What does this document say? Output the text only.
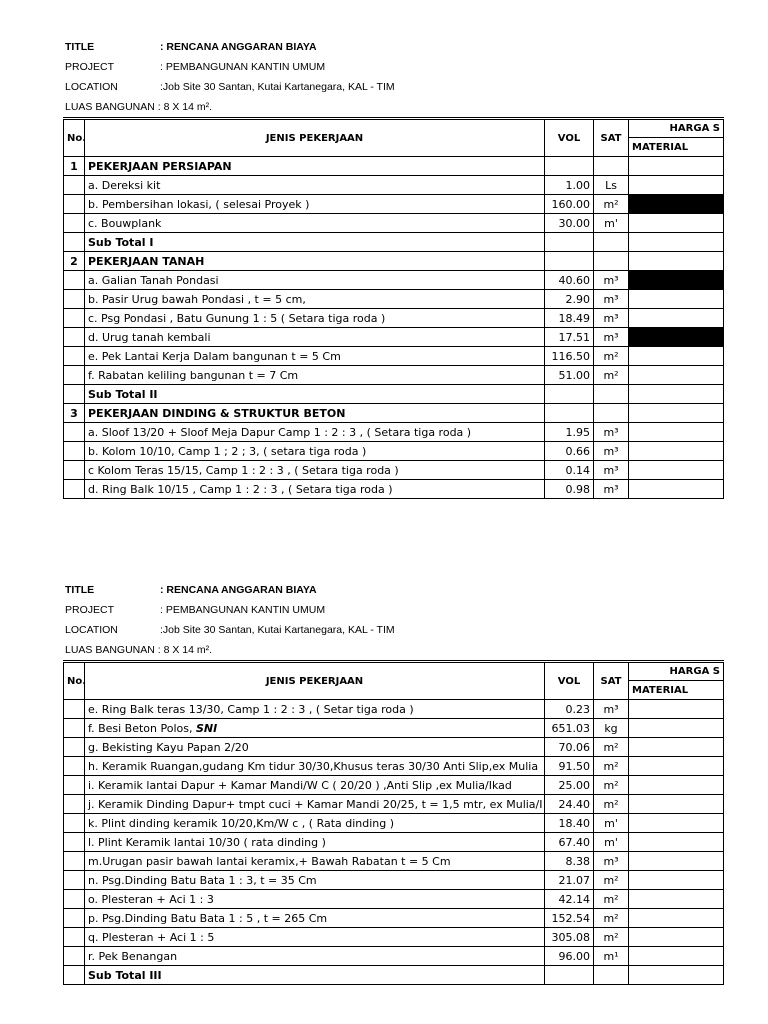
TITLE	: RENCANA ANGGARAN BIAYA
PROJECT	: PEMBANGUNAN KANTIN UMUM
LOCATION	:Job Site 30 Santan, Kutai Kartanegara, KAL - TIM
LUAS BANGUNAN : 8 X 14 m².
No.	JENIS PEKERJAAN	VOL	SAT	HARGA S
				MATERIAL
1	PEKERJAAN PERSIAPAN			
	a. Dereksi kit	1.00	Ls	
	b. Pembersihan lokasi, ( selesai Proyek )	160.00	m²	
	c. Bouwplank	30.00	m'	
	Sub Total I			
2	PEKERJAAN TANAH			
	a. Galian Tanah Pondasi	40.60	m³	
	b. Pasir Urug bawah Pondasi , t = 5 cm,	2.90	m³	
	c. Psg Pondasi , Batu Gunung 1 : 5 ( Setara tiga roda )	18.49	m³	
	d. Urug tanah kembali	17.51	m³	
	e. Pek Lantai Kerja Dalam bangunan t = 5 Cm	116.50	m²	
	f. Rabatan keliling bangunan t = 7 Cm	51.00	m²	
	Sub Total II			
3	PEKERJAAN DINDING & STRUKTUR BETON			
	a. Sloof 13/20 + Sloof Meja Dapur Camp 1 : 2 : 3 , ( Setara tiga roda )	1.95	m³	
	b. Kolom 10/10, Camp 1 ; 2 ; 3, ( setara tiga roda )	0.66	m³	
	c Kolom Teras 15/15, Camp 1 : 2 : 3 , ( Setara tiga roda )	0.14	m³	
	d. Ring Balk 10/15 , Camp 1 : 2 : 3 , ( Setara tiga roda )	0.98	m³	
TITLE	: RENCANA ANGGARAN BIAYA
PROJECT	: PEMBANGUNAN KANTIN UMUM
LOCATION	:Job Site 30 Santan, Kutai Kartanegara, KAL - TIM
LUAS BANGUNAN : 8 X 14 m².
No.	JENIS PEKERJAAN	VOL	SAT	HARGA S
				MATERIAL
	e. Ring Balk teras 13/30, Camp 1 : 2 : 3 , ( Setar tiga roda )	0.23	m³	
	f. Besi Beton Polos, SNI	651.03	kg	
	g. Bekisting Kayu Papan 2/20	70.06	m²	
	h. Keramik Ruangan,gudang Km tidur 30/30,Khusus teras 30/30 Anti Slip,ex Mulia	91.50	m²	
	i. Keramik lantai Dapur + Kamar Mandi/W C ( 20/20 ) ,Anti Slip ,ex Mulia/Ikad	25.00	m²	
	j. Keramik Dinding Dapur+ tmpt cuci + Kamar Mandi 20/25, t = 1,5 mtr, ex Mulia/I	24.40	m²	
	k. Plint dinding keramik 10/20,Km/W c , ( Rata dinding )	18.40	m'	
	l. Plint Keramik lantai 10/30 ( rata dinding )	67.40	m'	
	m.Urugan pasir bawah lantai keramix,+ Bawah Rabatan t = 5 Cm	8.38	m³	
	n. Psg.Dinding Batu Bata 1 : 3, t = 35 Cm	21.07	m²	
	o. Plesteran + Aci 1 : 3	42.14	m²	
	p. Psg.Dinding Batu Bata 1 : 5 , t = 265 Cm	152.54	m²	
	q. Plesteran + Aci 1 : 5	305.08	m²	
	r. Pek Benangan	96.00	m¹	
	Sub Total III			
